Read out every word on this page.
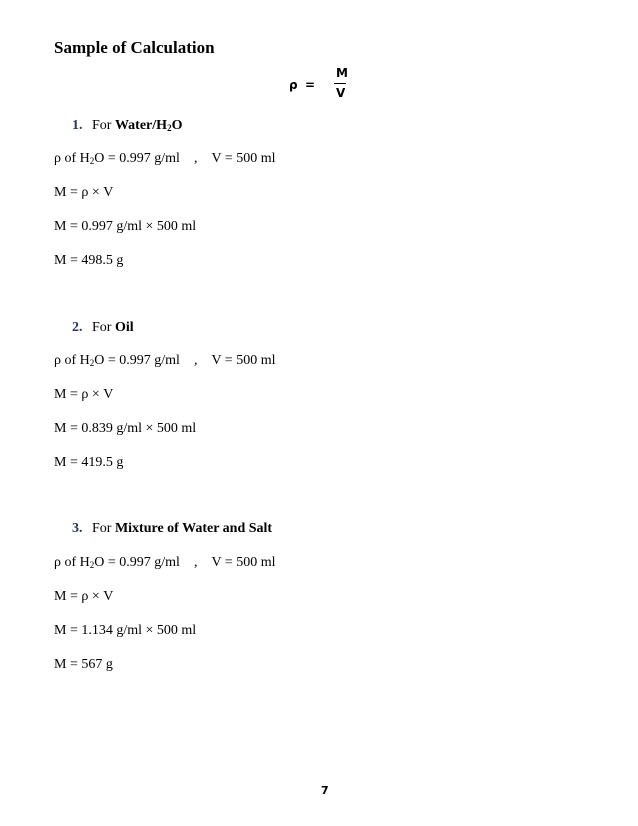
Sample of Calculation
ρ =
M
V
1. For Water/$H_2O$
ρ of $H_2O = 0.997$ g/ml , V = 500 ml
M = ρ × V
M = 0.997 g/ml × 500 ml
M = 498.5 g
2. For Oil
ρ of $H_2O = 0.997$ g/ml , V = 500 ml
M = ρ × V
M = 0.839 g/ml × 500 ml
M = 419.5 g
3. For Mixture of Water and Salt
ρ of $H_2O = 0.997$ g/ml , V = 500 ml
M = ρ × V
M = 1.134 g/ml × 500 ml
M = 567 g
7
